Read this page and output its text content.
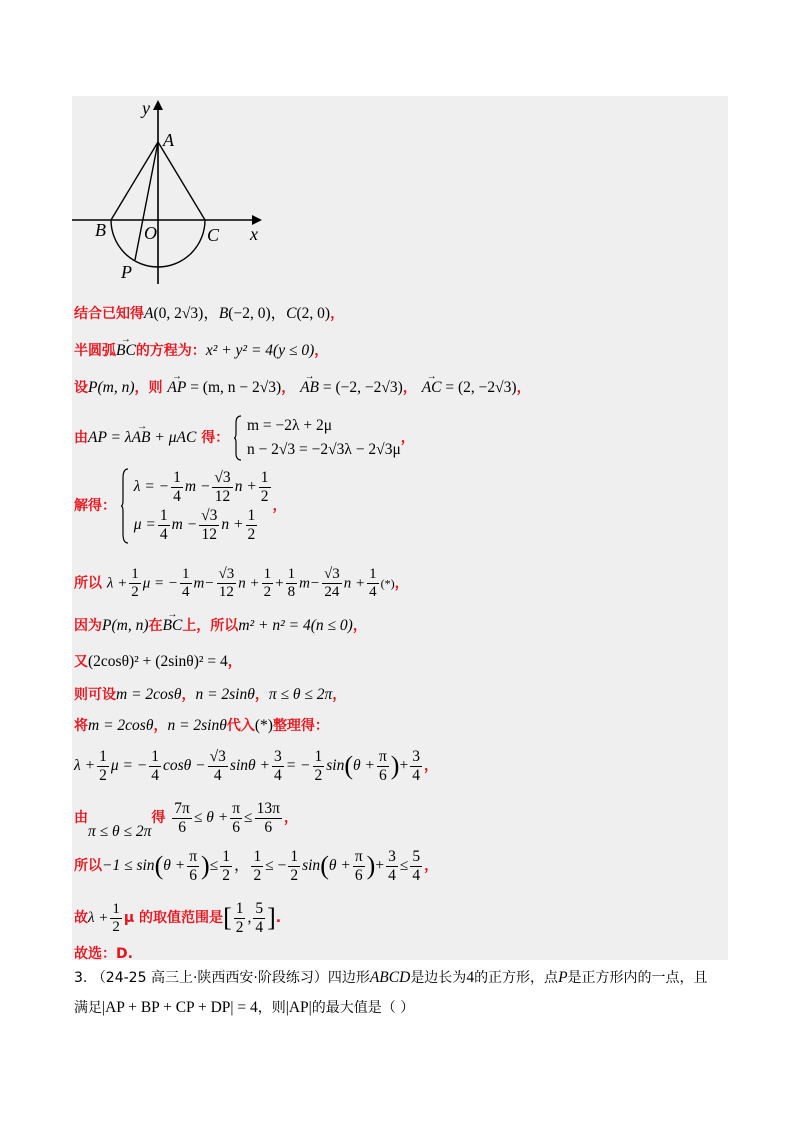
y
A
B O	C x
P
结合已知得A(0, 2√3)，B(−2, 0)，C(2, 0)，
半圆弧→ BC的方程为：x² + y² = 4(y ≤ 0)，
设P(m, n)，则 → AP = (m, n − 2√3)， → AB = (−2, −2√3)， → AC = (2, −2√3)，
由→ AP = λAB + μAC 得：
m = −2λ + 2μ
n − 2√3 = −2√3λ − 2√3μ
，
解得：
λ = − $\frac{1}{4}$ $m - \frac{√3}{12}$ $n + \frac{1}{2}$
$\mu = \frac{1}{4}$ $m - \frac{√3}{12}$ $n + \frac{1}{2}$
，
所以 $\lambda + \frac{1}{2}$ μ = − $\frac{1}{4} m- \frac{√3}{12}$ $n + \frac{1}{2} + \frac{1}{8} m- \frac{√3}{24}$ $n + \frac{1}{4}$ (*)，
因为P(m, n)在→ BC上，所以m² + n² = 4(n ≤ 0)，
又(2cosθ)² + (2sinθ)² = 4，
则可设m = 2cosθ，n = 2sinθ，π ≤ θ ≤ 2π，
将m = 2cosθ，n = 2sinθ代入(*)整理得：
$\lambda + \frac{1}{2}$ μ = − $\frac{1}{4}$ $\cos\theta - \frac{√3}{4}$ $\sin\theta + \frac{3}{4}$ = − $\frac{1}{2} \sin(\theta + \frac{\pi}{6}$ )+ $\frac{3}{4}$ ，
由π ≤ θ ≤ 2π得 $\frac{7\pi}{6} \le \theta + \frac{\pi}{6} \le \frac{13\pi}{6}$ ，
所以$-1 \le \sin(\theta + \frac{\pi}{6}$ )≤ $\frac{1}{2}$ ， $\frac{1}{2}$ ≤ − $\frac{1}{2} \sin(\theta + \frac{\pi}{6}$ )+ $\frac{3}{4} \le \frac{5}{4}$ ，
故$\lambda + \frac{1}{2}$ μ 的取值范围是[ $\frac{1}{2}$ , $\frac{5}{4}$ ].
故选：D.
3. （24-25 高三上·陕西西安·阶段练习）四边形ABCD是边长为4的正方形，点P是正方形内的一点，且
满足|AP + BP + CP + DP| = 4，则|AP|的最大值是（ ）
